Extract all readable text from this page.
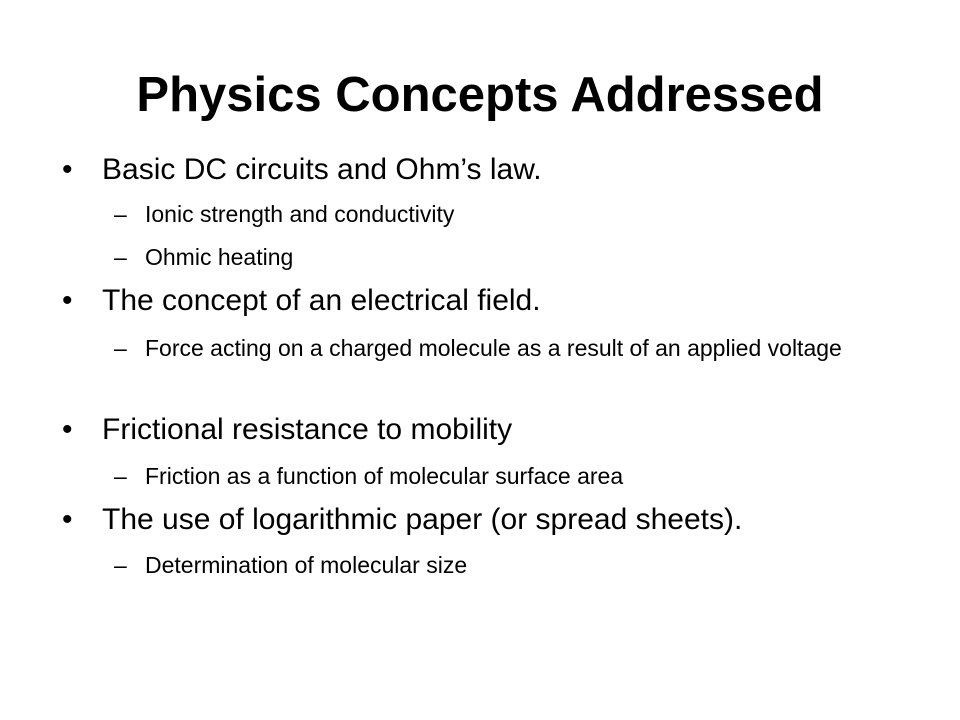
Physics Concepts Addressed
• Basic DC circuits and Ohm’s law.
– Ionic strength and conductivity
– Ohmic heating
• The concept of an electrical field.
– Force acting on a charged molecule as a result of an applied voltage
• Frictional resistance to mobility
– Friction as a function of molecular surface area
• The use of logarithmic paper (or spread sheets).
– Determination of molecular size
